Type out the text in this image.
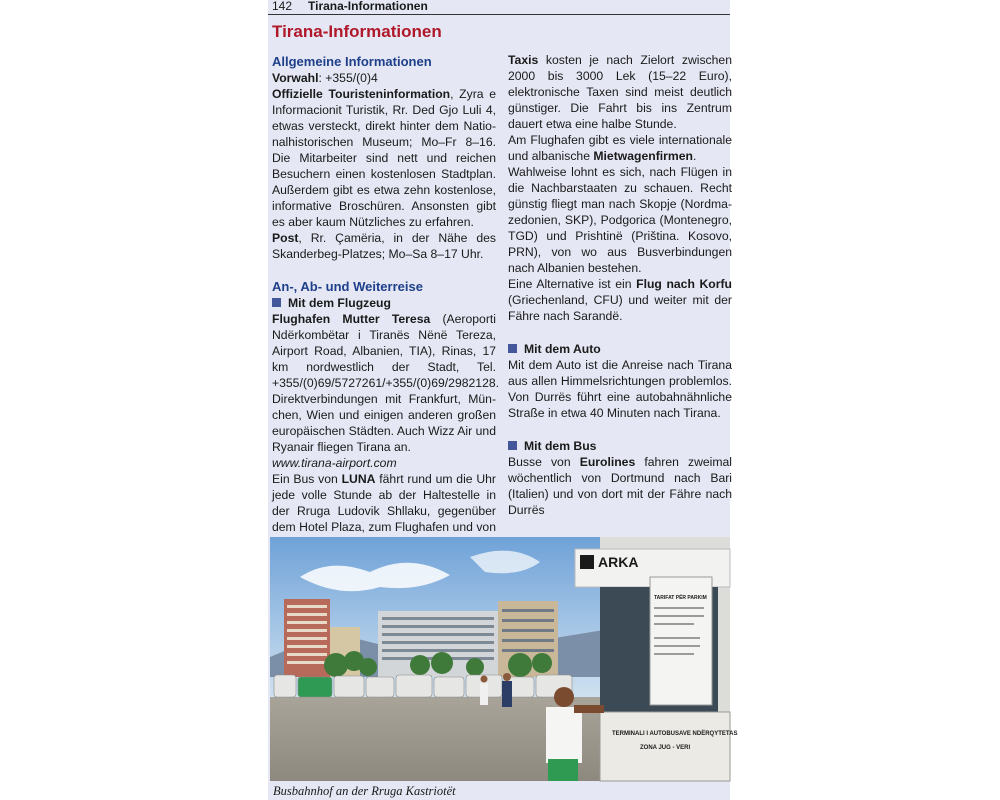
142 Tirana-Informationen
Tirana-Informationen
Allgemeine Informationen

Vorwahl: +355/(0)4

Offizielle Touristeninformation, Zyra e Informacionit Turistik, Rr. Ded Gjo Luli 4, etwas versteckt, direkt hinter dem Nationalhistorischen Museum; Mo–Fr 8–16. Die Mitarbeiter sind nett und reichen Besuchern einen kostenlosen Stadtplan. Außerdem gibt es etwa zehn kostenlose, informative Broschüren. Ansonsten gibt es aber kaum Nützliches zu erfahren.

Post, Rr. Çamëria, in der Nähe des Skanderbeg-Platzes; Mo–Sa 8–17 Uhr.

An-, Ab- und Weiterreise
Mit dem Flugzeug

Flughafen Mutter Teresa (Aeroporti Ndërkombëtar i Tiranës Nënë Tereza, Airport Road, Albanien, TIA), Rinas, 17 km nordwestlich der Stadt, Tel. +355/(0)69/5727261/+355/(0)69/2982128. Direktverbindungen mit Frankfurt, München, Wien und einigen anderen großen europäischen Städten. Auch Wizz Air und Ryanair fliegen Tirana an.

www.tirana-airport.com

Ein Bus von LUNA fährt rund um die Uhr jede volle Stunde ab der Haltestelle in der Rruga Ludovik Shllaku, gegenüber dem Hotel Plaza, zum Flughafen und von

ARKA
TARIFAT PËR PARKIM
TERMINALI I AUTOBUSAVE NDËRQYTETAS
ZONA JUG - VERI
Busbahnhof an der Rruga Kastriotët

Taxis kosten je nach Zielort zwischen 2000 bis 3000 Lek (15–22 Euro), elektronische Taxen sind meist deutlich günstiger. Die Fahrt bis ins Zentrum dauert etwa eine halbe Stunde.

Am Flughafen gibt es viele internationale und albanische Mietwagenfirmen.

Wahlweise lohnt es sich, nach Flügen in die Nachbarstaaten zu schauen. Recht günstig fliegt man nach Skopje (Nordmazedonien, SKP), Podgorica (Montenegro, TGD) und Prishtinë (Priština. Kosovo, PRN), von wo aus Busverbindungen nach Albanien bestehen.

Eine Alternative ist ein Flug nach Korfu (Griechenland, CFU) und weiter mit der Fähre nach Sarandë.

Mit dem Auto

Mit dem Auto ist die Anreise nach Tirana aus allen Himmelsrichtungen problemlos. Von Durrës führt eine autobahnähnliche Straße in etwa 40 Minuten nach Tirana.

Mit dem Bus

Busse von Eurolines fahren zweimal wöchentlich von Dortmund nach Bari (Italien) und von dort mit der Fähre nach Durrës
